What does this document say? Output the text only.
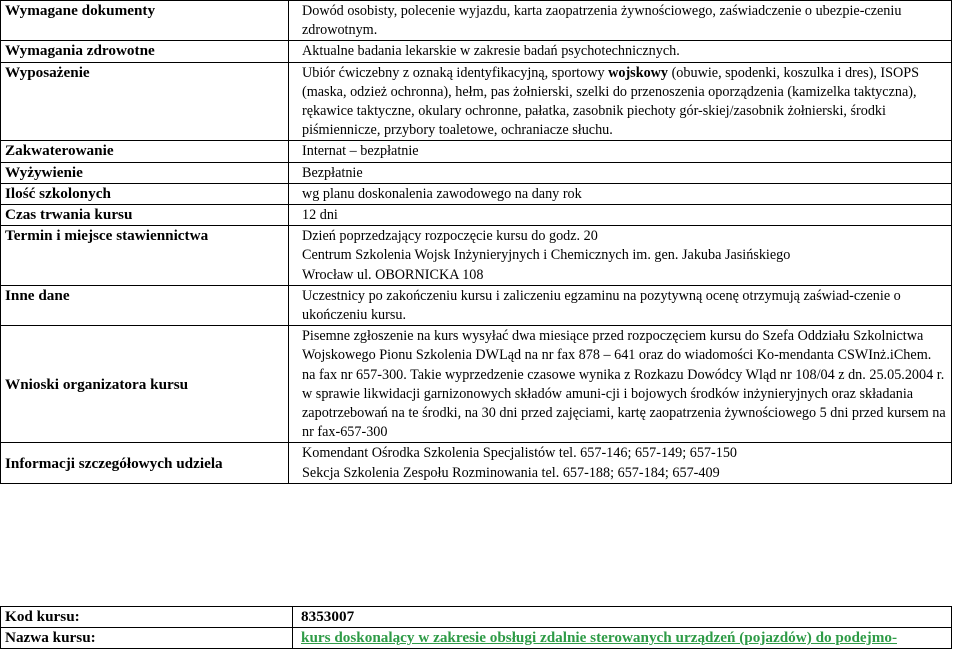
Wymagane dokumenty	Dowód osobisty, polecenie wyjazdu, karta zaopatrzenia żywnościowego, zaświadczenie o ubezpie-czeniu zdrowotnym.
Wymagania zdrowotne	Aktualne badania lekarskie w zakresie badań psychotechnicznych.
Wyposażenie	Ubiór ćwiczebny z oznaką identyfikacyjną, sportowy wojskowy (obuwie, spodenki, koszulka i dres), ISOPS (maska, odzież ochronna), hełm, pas żołnierski, szelki do przenoszenia oporządzenia (kamizelka taktyczna), rękawice taktyczne, okulary ochronne, pałatka, zasobnik piechoty gór-skiej/zasobnik żołnierski, środki piśmiennicze, przybory toaletowe, ochraniacze słuchu.
Zakwaterowanie	Internat – bezpłatnie
Wyżywienie	Bezpłatnie
Ilość szkolonych	wg planu doskonalenia zawodowego na dany rok
Czas trwania kursu	12 dni
Termin i miejsce stawiennictwa	Dzień poprzedzający rozpoczęcie kursu do godz. 20
Centrum Szkolenia Wojsk Inżynieryjnych i Chemicznych im. gen. Jakuba Jasińskiego
Wrocław ul. OBORNICKA 108

Inne dane	Uczestnicy po zakończeniu kursu i zaliczeniu egzaminu na pozytywną ocenę otrzymują zaświad-czenie o ukończeniu kursu.
Wnioski organizatora kursu	Pisemne zgłoszenie na kurs wysyłać dwa miesiące przed rozpoczęciem kursu do Szefa Oddziału Szkolnictwa Wojskowego Pionu Szkolenia DWLąd na nr fax 878 – 641 oraz do wiadomości Ko-mendanta CSWInż.iChem. na fax nr 657-300. Takie wyprzedzenie czasowe wynika z Rozkazu Dowódcy Wląd nr 108/04 z dn. 25.05.2004 r. w sprawie likwidacji garnizonowych składów amuni-cji i bojowych środków inżynieryjnych oraz składania zapotrzebowań na te środki, na 30 dni przed zajęciami, kartę zaopatrzenia żywnościowego 5 dni przed kursem na nr fax-657-300
Informacji szczegółowych udziela	Komendant Ośrodka Szkolenia Specjalistów tel. 657-146; 657-149; 657-150
Sekcja Szkolenia Zespołu Rozminowania tel. 657-188; 657-184; 657-409
Kod kursu:	8353007
Nazwa kursu:	kurs doskonalący w zakresie obsługi zdalnie sterowanych urządzeń (pojazdów) do podejmo-
